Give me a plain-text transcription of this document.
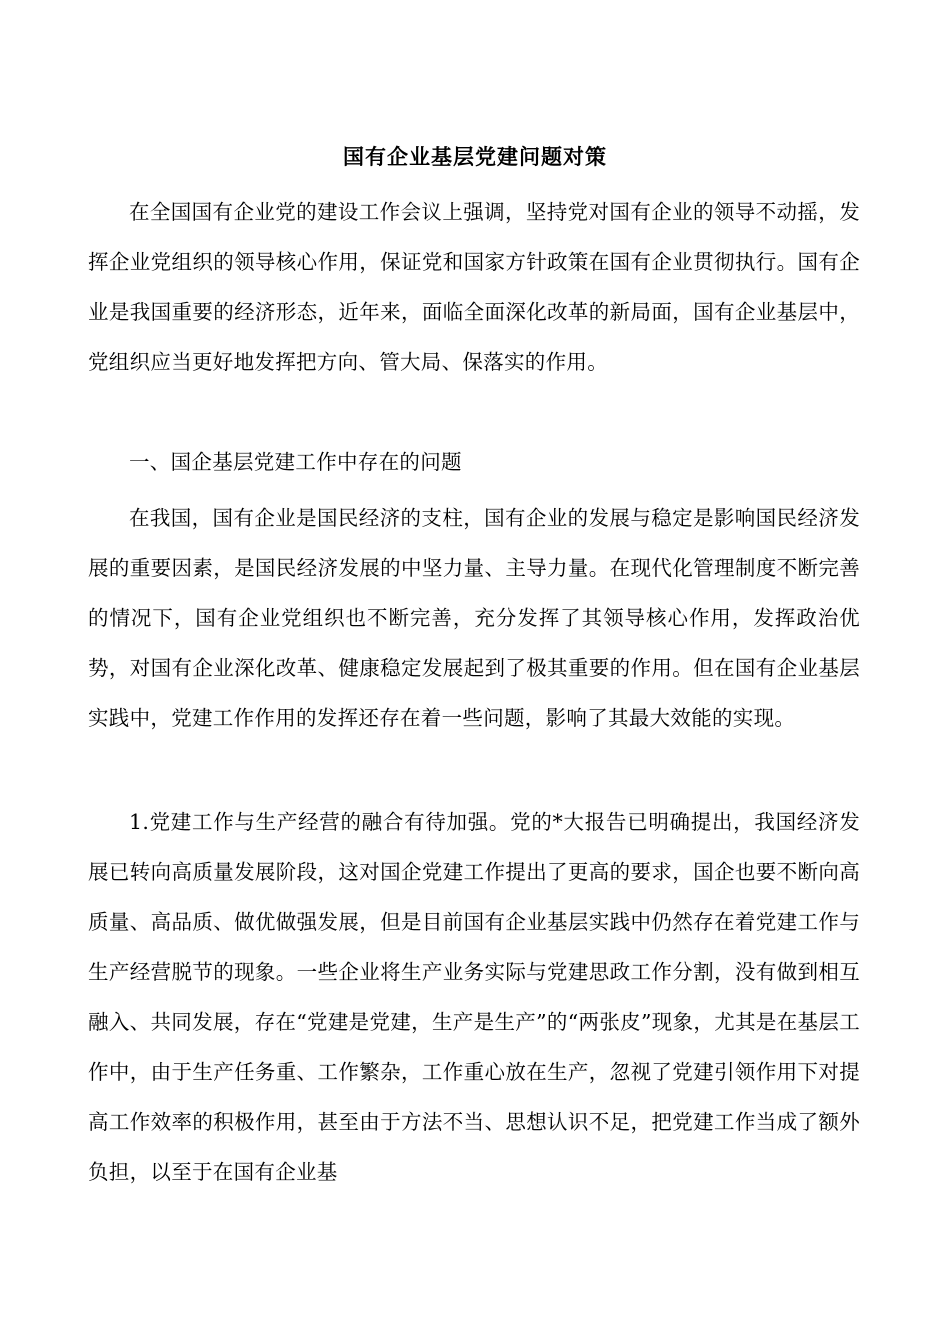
国有企业基层党建问题对策

在全国国有企业党的建设工作会议上强调，坚持党对国有企业的领导不动摇，发挥企业党组织的领导核心作用，保证党和国家方针政策在国有企业贯彻执行。国有企业是我国重要的经济形态，近年来，面临全面深化改革的新局面，国有企业基层中，党组织应当更好地发挥把方向、管大局、保落实的作用。

一、国企基层党建工作中存在的问题

在我国，国有企业是国民经济的支柱，国有企业的发展与稳定是影响国民经济发展的重要因素，是国民经济发展的中坚力量、主导力量。在现代化管理制度不断完善的情况下，国有企业党组织也不断完善，充分发挥了其领导核心作用，发挥政治优势，对国有企业深化改革、健康稳定发展起到了极其重要的作用。但在国有企业基层实践中，党建工作作用的发挥还存在着一些问题，影响了其最大效能的实现。

1.党建工作与生产经营的融合有待加强。党的*大报告已明确提出，我国经济发展已转向高质量发展阶段，这对国企党建工作提出了更高的要求，国企也要不断向高质量、高品质、做优做强发展，但是目前国有企业基层实践中仍然存在着党建工作与生产经营脱节的现象。一些企业将生产业务实际与党建思政工作分割，没有做到相互融入、共同发展，存在“党建是党建，生产是生产”的“两张皮”现象，尤其是在基层工作中，由于生产任务重、工作繁杂，工作重心放在生产，忽视了党建引领作用下对提高工作效率的积极作用，甚至由于方法不当、思想认识不足，把党建工作当成了额外负担，以至于在国有企业基
